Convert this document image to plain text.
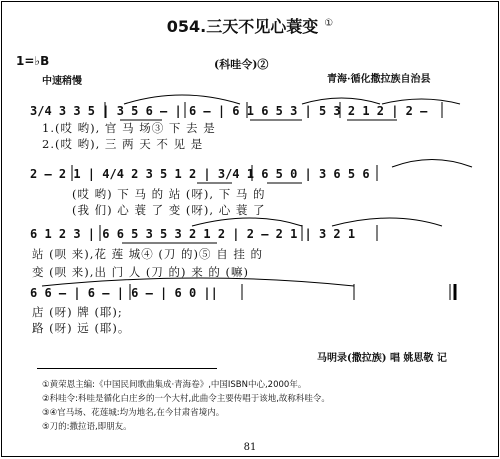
054.三天不见心蓑变 ①
1=♭B	(科哇令)②
中速稍慢	青海·循化撒拉族自治县
3/4 3 3 5 | 3 5 6 – | 6 – | 6 1 6 5 3 | 5 3 2 1 2 | 2 –
1.(哎 哟), 官 马 场③ 下 去 是
2.(哎 哟), 三 两 天 不 见 是
2 – 2 1 | 4/4 2 3 5 1 2 | 3/4 1 6 5 0 | 3 6 5 6
(哎 哟) 下 马 的 站 (呀), 下 马 的
(我 们) 心 蓑 了 变 (呀), 心 蓑 了
6 1 2 3 | 6 6 5 3 5 3 2 1 2 | 2 – 2 1 | 3 2 1
站 (呗 来),花 莲 城④ (刀 的)⑤ 自 挂 的
变 (呗 来),出 门 人 (刀 的) 来 的 (嘛)
6 6 – | 6 – | 6 – | 6 0 ||
店 (呀) 牌 (耶);
路 (呀) 远 (耶)。
马明录(撒拉族) 唱 姚思敬 记
①黄荣恩主编:《中国民间歌曲集成·青海卷》,中国ISBN中心,2000年。
②科哇令:科哇是循化白庄乡的一个大村,此曲令主要传唱于该地,故称科哇令。
③④官马场、花莲城:均为地名,在今甘肃省境内。
⑤刀的:撒拉语,即朋友。
81
